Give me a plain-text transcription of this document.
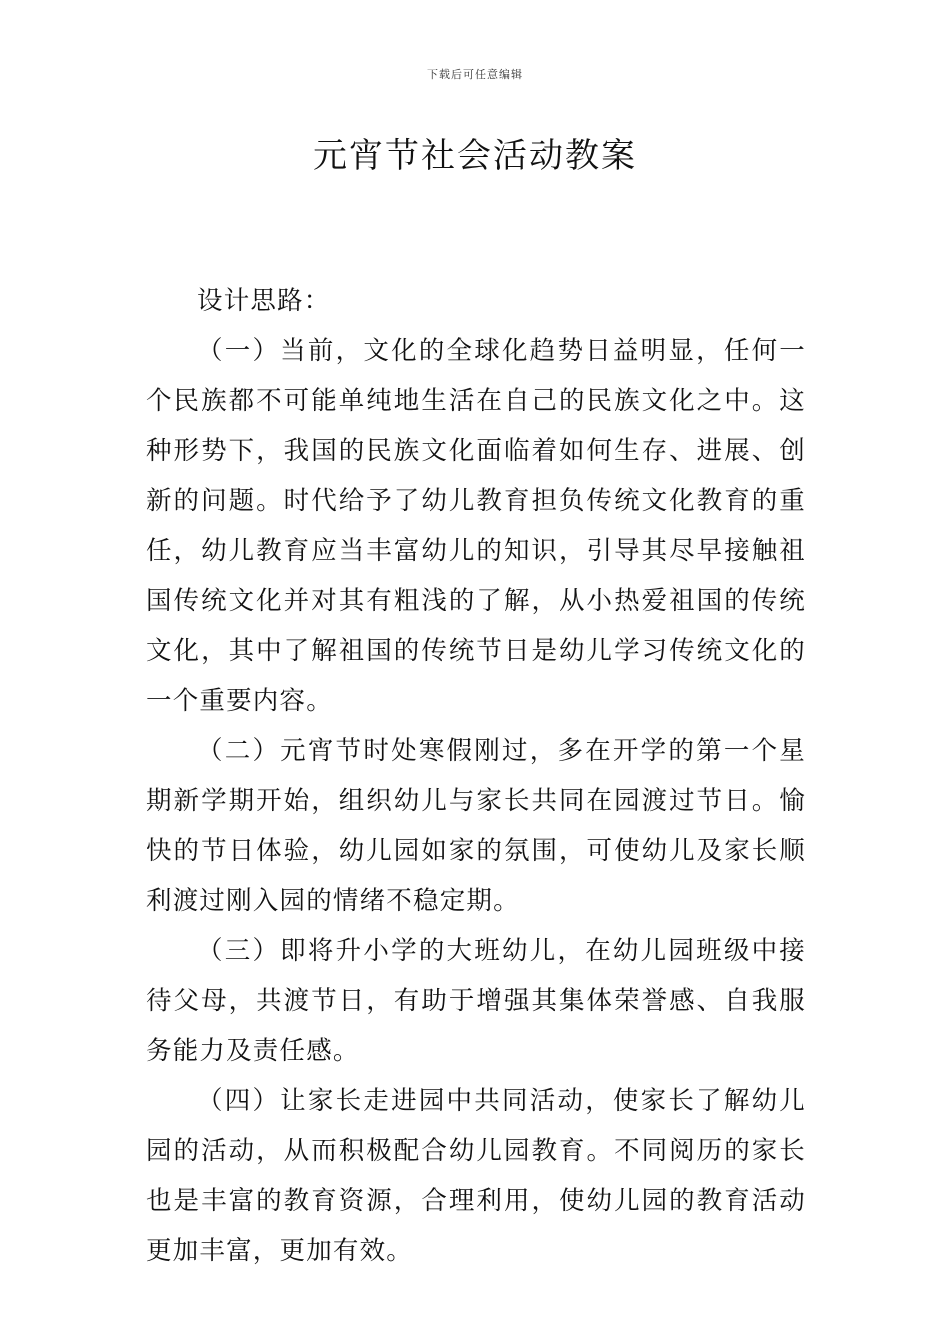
下载后可任意编辑
元宵节社会活动教案

设计思路：

（一）当前，文化的全球化趋势日益明显，任何一个民族都不可能单纯地生活在自己的民族文化之中。这种形势下，我国的民族文化面临着如何生存、进展、创新的问题。时代给予了幼儿教育担负传统文化教育的重任，幼儿教育应当丰富幼儿的知识，引导其尽早接触祖国传统文化并对其有粗浅的了解，从小热爱祖国的传统文化，其中了解祖国的传统节日是幼儿学习传统文化的一个重要内容。

（二）元宵节时处寒假刚过，多在开学的第一个星期新学期开始，组织幼儿与家长共同在园渡过节日。愉快的节日体验，幼儿园如家的氛围，可使幼儿及家长顺利渡过刚入园的情绪不稳定期。

（三）即将升小学的大班幼儿，在幼儿园班级中接待父母，共渡节日，有助于增强其集体荣誉感、自我服务能力及责任感。

（四）让家长走进园中共同活动，使家长了解幼儿园的活动，从而积极配合幼儿园教育。不同阅历的家长也是丰富的教育资源，合理利用，使幼儿园的教育活动更加丰富，更加有效。
